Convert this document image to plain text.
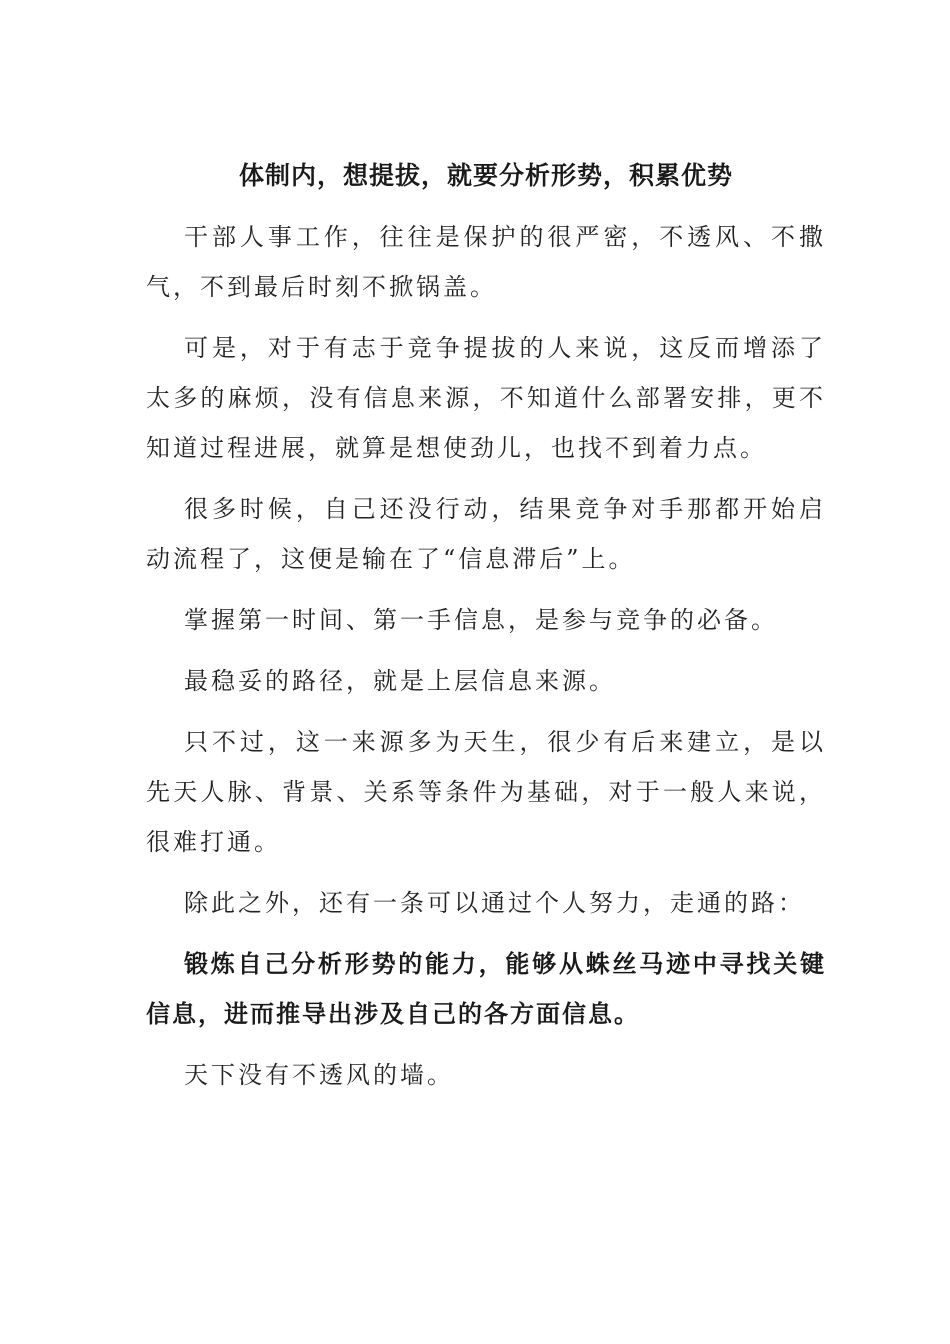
体制内，想提拔，就要分析形势，积累优势

干部人事工作，往往是保护的很严密，不透风、不撒气，不到最后时刻不掀锅盖。

可是，对于有志于竞争提拔的人来说，这反而增添了太多的麻烦，没有信息来源，不知道什么部署安排，更不知道过程进展，就算是想使劲儿，也找不到着力点。

很多时候，自己还没行动，结果竞争对手那都开始启动流程了，这便是输在了“信息滞后”上。

掌握第一时间、第一手信息，是参与竞争的必备。

最稳妥的路径，就是上层信息来源。

只不过，这一来源多为天生，很少有后来建立，是以先天人脉、背景、关系等条件为基础，对于一般人来说，很难打通。

除此之外，还有一条可以通过个人努力，走通的路：

锻炼自己分析形势的能力，能够从蛛丝马迹中寻找关键信息，进而推导出涉及自己的各方面信息。

天下没有不透风的墙。
